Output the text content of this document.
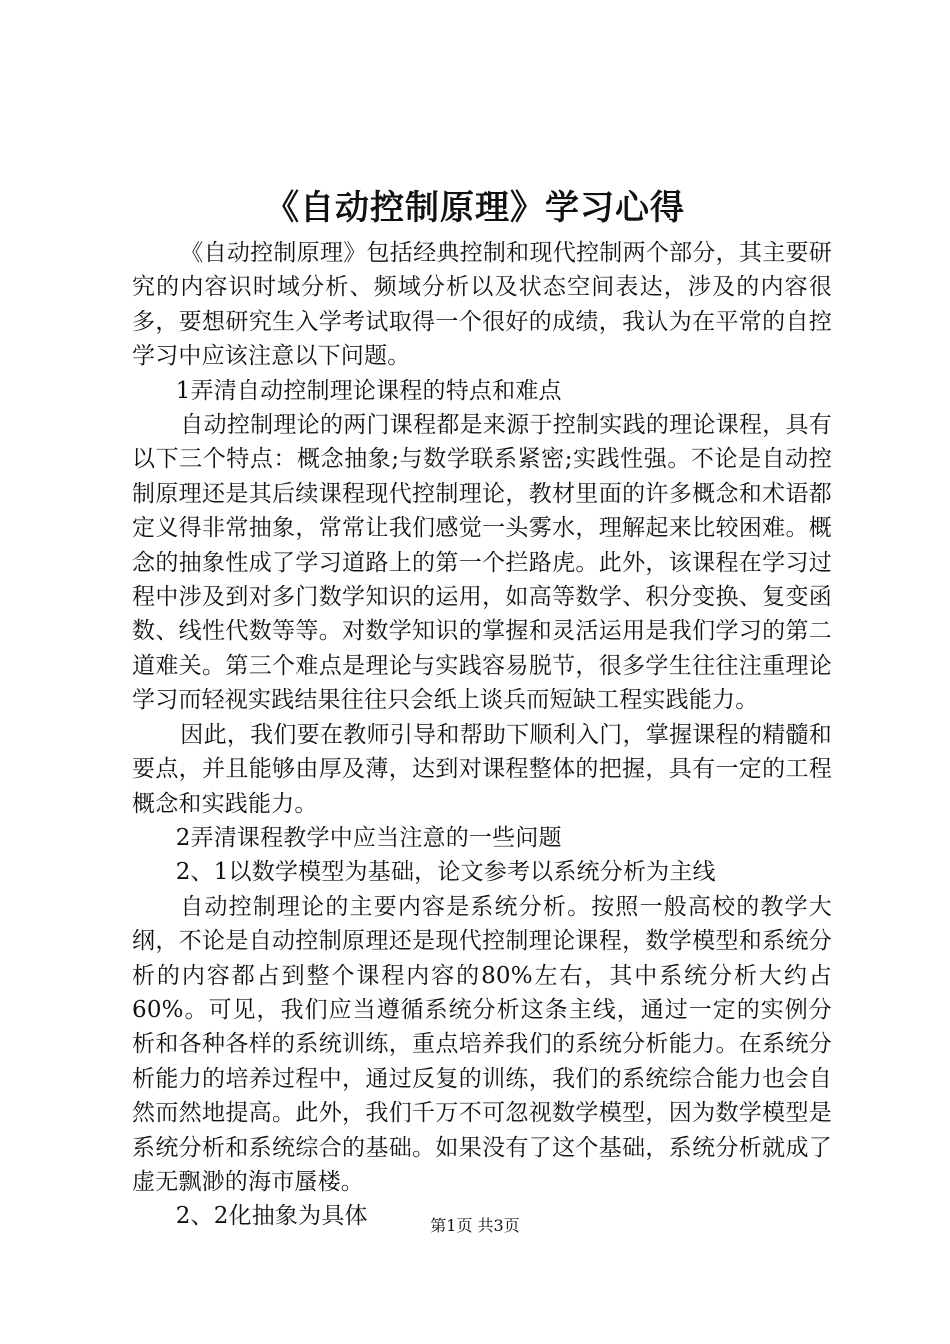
《自动控制原理》学习心得

《自动控制原理》包括经典控制和现代控制两个部分，其主要研究的内容识时域分析、频域分析以及状态空间表达，涉及的内容很多，要想研究生入学考试取得一个很好的成绩，我认为在平常的自控学习中应该注意以下问题。

1弄清自动控制理论课程的特点和难点

自动控制理论的两门课程都是来源于控制实践的理论课程，具有以下三个特点：概念抽象;与数学联系紧密;实践性强。不论是自动控制原理还是其后续课程现代控制理论，教材里面的许多概念和术语都定义得非常抽象，常常让我们感觉一头雾水，理解起来比较困难。概念的抽象性成了学习道路上的第一个拦路虎。此外，该课程在学习过程中涉及到对多门数学知识的运用，如高等数学、积分变换、复变函数、线性代数等等。对数学知识的掌握和灵活运用是我们学习的第二道难关。第三个难点是理论与实践容易脱节，很多学生往往注重理论学习而轻视实践结果往往只会纸上谈兵而短缺工程实践能力。

因此，我们要在教师引导和帮助下顺利入门，掌握课程的精髓和要点，并且能够由厚及薄，达到对课程整体的把握，具有一定的工程概念和实践能力。

2弄清课程教学中应当注意的一些问题

2、1以数学模型为基础，论文参考以系统分析为主线

自动控制理论的主要内容是系统分析。按照一般高校的教学大纲，不论是自动控制原理还是现代控制理论课程，数学模型和系统分析的内容都占到整个课程内容的80%左右，其中系统分析大约占60%。可见，我们应当遵循系统分析这条主线，通过一定的实例分析和各种各样的系统训练，重点培养我们的系统分析能力。在系统分析能力的培养过程中，通过反复的训练，我们的系统综合能力也会自然而然地提高。此外，我们千万不可忽视数学模型，因为数学模型是系统分析和系统综合的基础。如果没有了这个基础，系统分析就成了虚无飘渺的海市蜃楼。

2、2化抽象为具体	第1页 共3页
